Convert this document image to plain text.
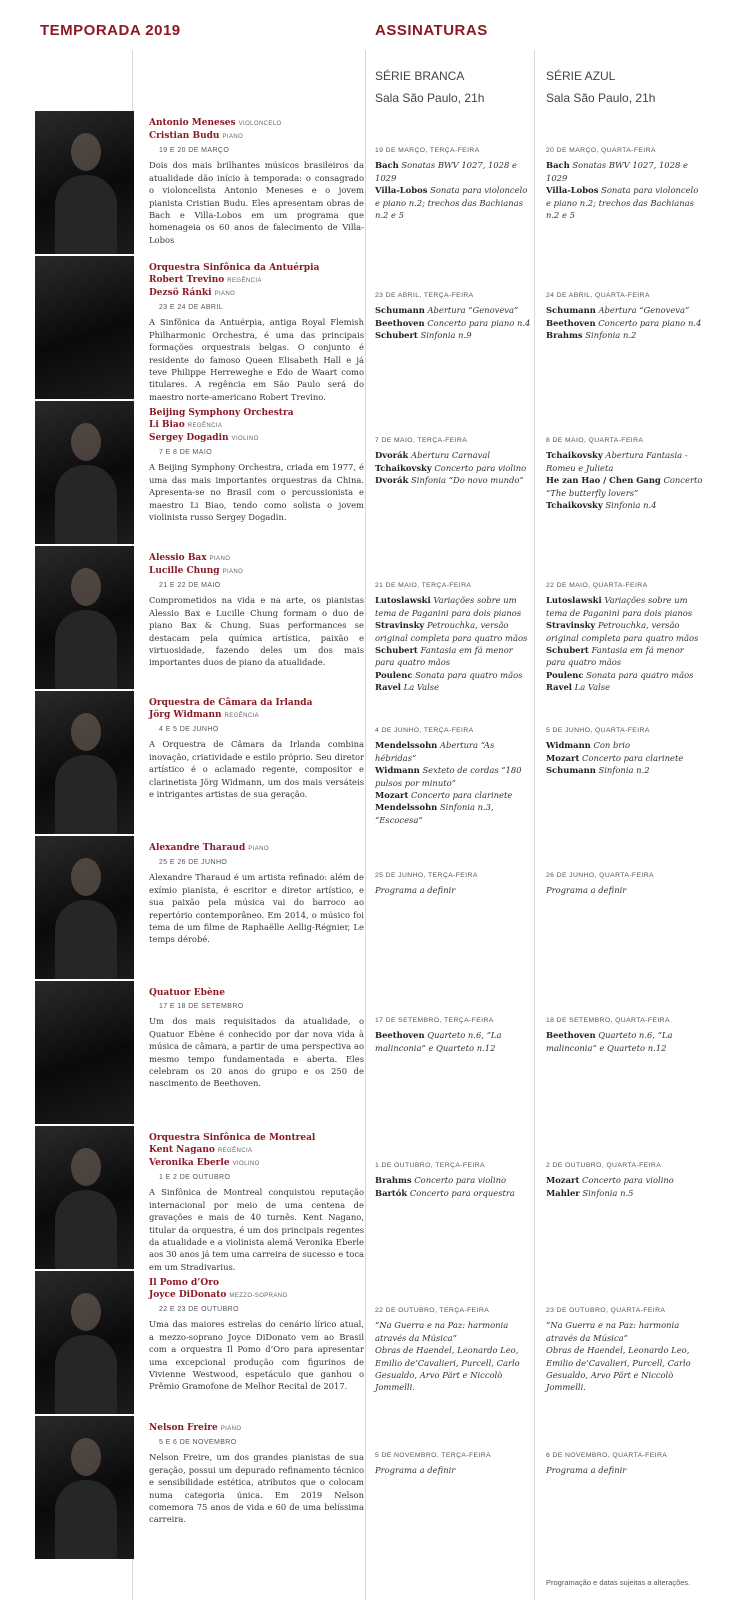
TEMPORADA 2019	ASSINATURAS
SÉRIE BRANCA
Sala São Paulo, 21h
SÉRIE AZUL
Sala São Paulo, 21h
Antonio Meneses VIOLONCELO
Cristian Budu PIANO
19 E 20 DE MARÇO
Dois dos mais brilhantes músicos brasileiros da atualidade dão início à temporada: o consagrado o violoncelista Antonio Meneses e o jovem pianista Cristian Budu. Eles apresentam obras de Bach e Villa-Lobos em um programa que homenageia os 60 anos de falecimento de Villa-Lobos
19 DE MARÇO, TERÇA-FEIRA
Bach Sonatas BWV 1027, 1028 e 1029
Villa-Lobos Sonata para violoncelo e piano n.2; trechos das Bachianas n.2 e 5
20 DE MARÇO, QUARTA-FEIRA
Bach Sonatas BWV 1027, 1028 e 1029
Villa-Lobos Sonata para violoncelo e piano n.2; trechos das Bachianas n.2 e 5
Orquestra Sinfônica da Antuérpia
Robert Trevino REGÊNCIA
Dezsö Ránki PIANO
23 E 24 DE ABRIL
A Sinfônica da Antuérpia, antiga Royal Flemish Philharmonic Orchestra, é uma das principais formações orquestrais belgas. O conjunto é residente do famoso Queen Elisabeth Hall e já teve Philippe Herreweghe e Edo de Waart como titulares. A regência em São Paulo será do maestro norte-americano Robert Trevino.
23 DE ABRIL, TERÇA-FEIRA
Schumann Abertura “Genoveva”
Beethoven Concerto para piano n.4
Schubert Sinfonia n.9
24 DE ABRIL, QUARTA-FEIRA
Schumann Abertura “Genoveva”
Beethoven Concerto para piano n.4
Brahms Sinfonia n.2
Beijing Symphony Orchestra
Li Biao REGÊNCIA
Sergey Dogadin VIOLINO
7 E 8 DE MAIO
A Beijing Symphony Orchestra, criada em 1977, é uma das mais importantes orquestras da China. Apresenta-se no Brasil com o percussionista e maestro Li Biao, tendo como solista o jovem violinista russo Sergey Dogadin.
7 DE MAIO, TERÇA-FEIRA
Dvorák Abertura Carnaval
Tchaikovsky Concerto para violino
Dvorák Sinfonia “Do novo mundo”
8 DE MAIO, QUARTA-FEIRA
Tchaikovsky Abertura Fantasia - Romeu e Julieta
He zan Hao / Chen Gang Concerto “The butterfly lovers”
Tchaikovsky Sinfonia n.4
Alessio Bax PIANO
Lucille Chung PIANO
21 E 22 DE MAIO
Comprometidos na vida e na arte, os pianistas Alessio Bax e Lucille Chung formam o duo de piano Bax & Chung. Suas performances se destacam pela química artística, paixão e virtuosidade, fazendo deles um dos mais importantes duos de piano da atualidade.
21 DE MAIO, TERÇA-FEIRA
Lutoslawski Variações sobre um tema de Paganini para dois pianos
Stravinsky Petrouchka, versão original completa para quatro mãos
Schubert Fantasia em fá menor para quatro mãos
Poulenc Sonata para quatro mãos
Ravel La Valse
22 DE MAIO, QUARTA-FEIRA
Lutoslawski Variações sobre um tema de Paganini para dois pianos
Stravinsky Petrouchka, versão original completa para quatro mãos
Schubert Fantasia em fá menor para quatro mãos
Poulenc Sonata para quatro mãos
Ravel La Valse
Orquestra de Câmara da Irlanda
Jörg Widmann REGÊNCIA
4 E 5 DE JUNHO
A Orquestra de Câmara da Irlanda combina inovação, criatividade e estilo próprio. Seu diretor artístico é o aclamado regente, compositor e clarinetista Jörg Widmann, um dos mais versáteis e intrigantes artistas de sua geração.
4 DE JUNHO, TERÇA-FEIRA
Mendelssohn Abertura “As hébridas”
Widmann Sexteto de cordas “180 pulsos por minuto”
Mozart Concerto para clarinete
Mendelssohn Sinfonia n.3, “Escocesa”
5 DE JUNHO, QUARTA-FEIRA
Widmann Con brio
Mozart Concerto para clarinete
Schumann Sinfonia n.2
Alexandre Tharaud PIANO
25 E 26 DE JUNHO
Alexandre Tharaud é um artista refinado: além de exímio pianista, é escritor e diretor artístico, e sua paixão pela música vai do barroco ao repertório contemporâneo. Em 2014, o músico foi tema de um filme de Raphaëlle Aellig-Régnier, Le temps dérobé.
25 DE JUNHO, TERÇA-FEIRA
Programa a definir
26 DE JUNHO, QUARTA-FEIRA
Programa a definir
Quatuor Ebène
17 E 18 DE SETEMBRO
Um dos mais requisitados da atualidade, o Quatuor Ebène é conhecido por dar nova vida à música de câmara, a partir de uma perspectiva ao mesmo tempo fundamentada e aberta. Eles celebram os 20 anos do grupo e os 250 de nascimento de Beethoven.
17 DE SETEMBRO, TERÇA-FEIRA
Beethoven Quarteto n.6, “La malinconia” e Quarteto n.12
18 DE SETEMBRO, QUARTA-FEIRA
Beethoven Quarteto n.6, “La malinconia” e Quarteto n.12
Orquestra Sinfônica de Montreal
Kent Nagano REGÊNCIA
Veronika Eberle VIOLINO
1 E 2 DE OUTUBRO
A Sinfônica de Montreal conquistou reputação internacional por meio de uma centena de gravações e mais de 40 turnês. Kent Nagano, titular da orquestra, é um dos principais regentes da atualidade e a violinista alemã Veronika Eberle aos 30 anos já tem uma carreira de sucesso e toca em um Stradivarius.
1 DE OUTUBRO, TERÇA-FEIRA
Brahms Concerto para violino
Bartók Concerto para orquestra
2 DE OUTUBRO, QUARTA-FEIRA
Mozart Concerto para violino
Mahler Sinfonia n.5
Il Pomo d’Oro
Joyce DiDonato MEZZO-SOPRANO
22 E 23 DE OUTUBRO
Uma das maiores estrelas do cenário lírico atual, a mezzo-soprano Joyce DiDonato vem ao Brasil com a orquestra Il Pomo d’Oro para apresentar uma excepcional produção com figurinos de Vivienne Westwood, espetáculo que ganhou o Prêmio Gramofone de Melhor Recital de 2017.
22 DE OUTUBRO, TERÇA-FEIRA
“Na Guerra e na Paz: harmonia através da Música”
Obras de Haendel, Leonardo Leo, Emilio de’Cavalieri, Purcell, Carlo Gesualdo, Arvo Pärt e Niccolò Jommelli.
23 DE OUTUBRO, QUARTA-FEIRA
“Na Guerra e na Paz: harmonia através da Música”
Obras de Haendel, Leonardo Leo, Emilio de’Cavalieri, Purcell, Carlo Gesualdo, Arvo Pärt e Niccolò Jommelli.
Nelson Freire PIANO
5 E 6 DE NOVEMBRO
Nelson Freire, um dos grandes pianistas de sua geração, possui um depurado refinamento técnico e sensibilidade estética, atributos que o colocam numa categoria única. Em 2019 Nelson comemora 75 anos de vida e 60 de uma belíssima carreira.
5 DE NOVEMBRO, TERÇA-FEIRA
Programa a definir
6 DE NOVEMBRO, QUARTA-FEIRA
Programa a definir
Programação e datas sujeitas a alterações.
